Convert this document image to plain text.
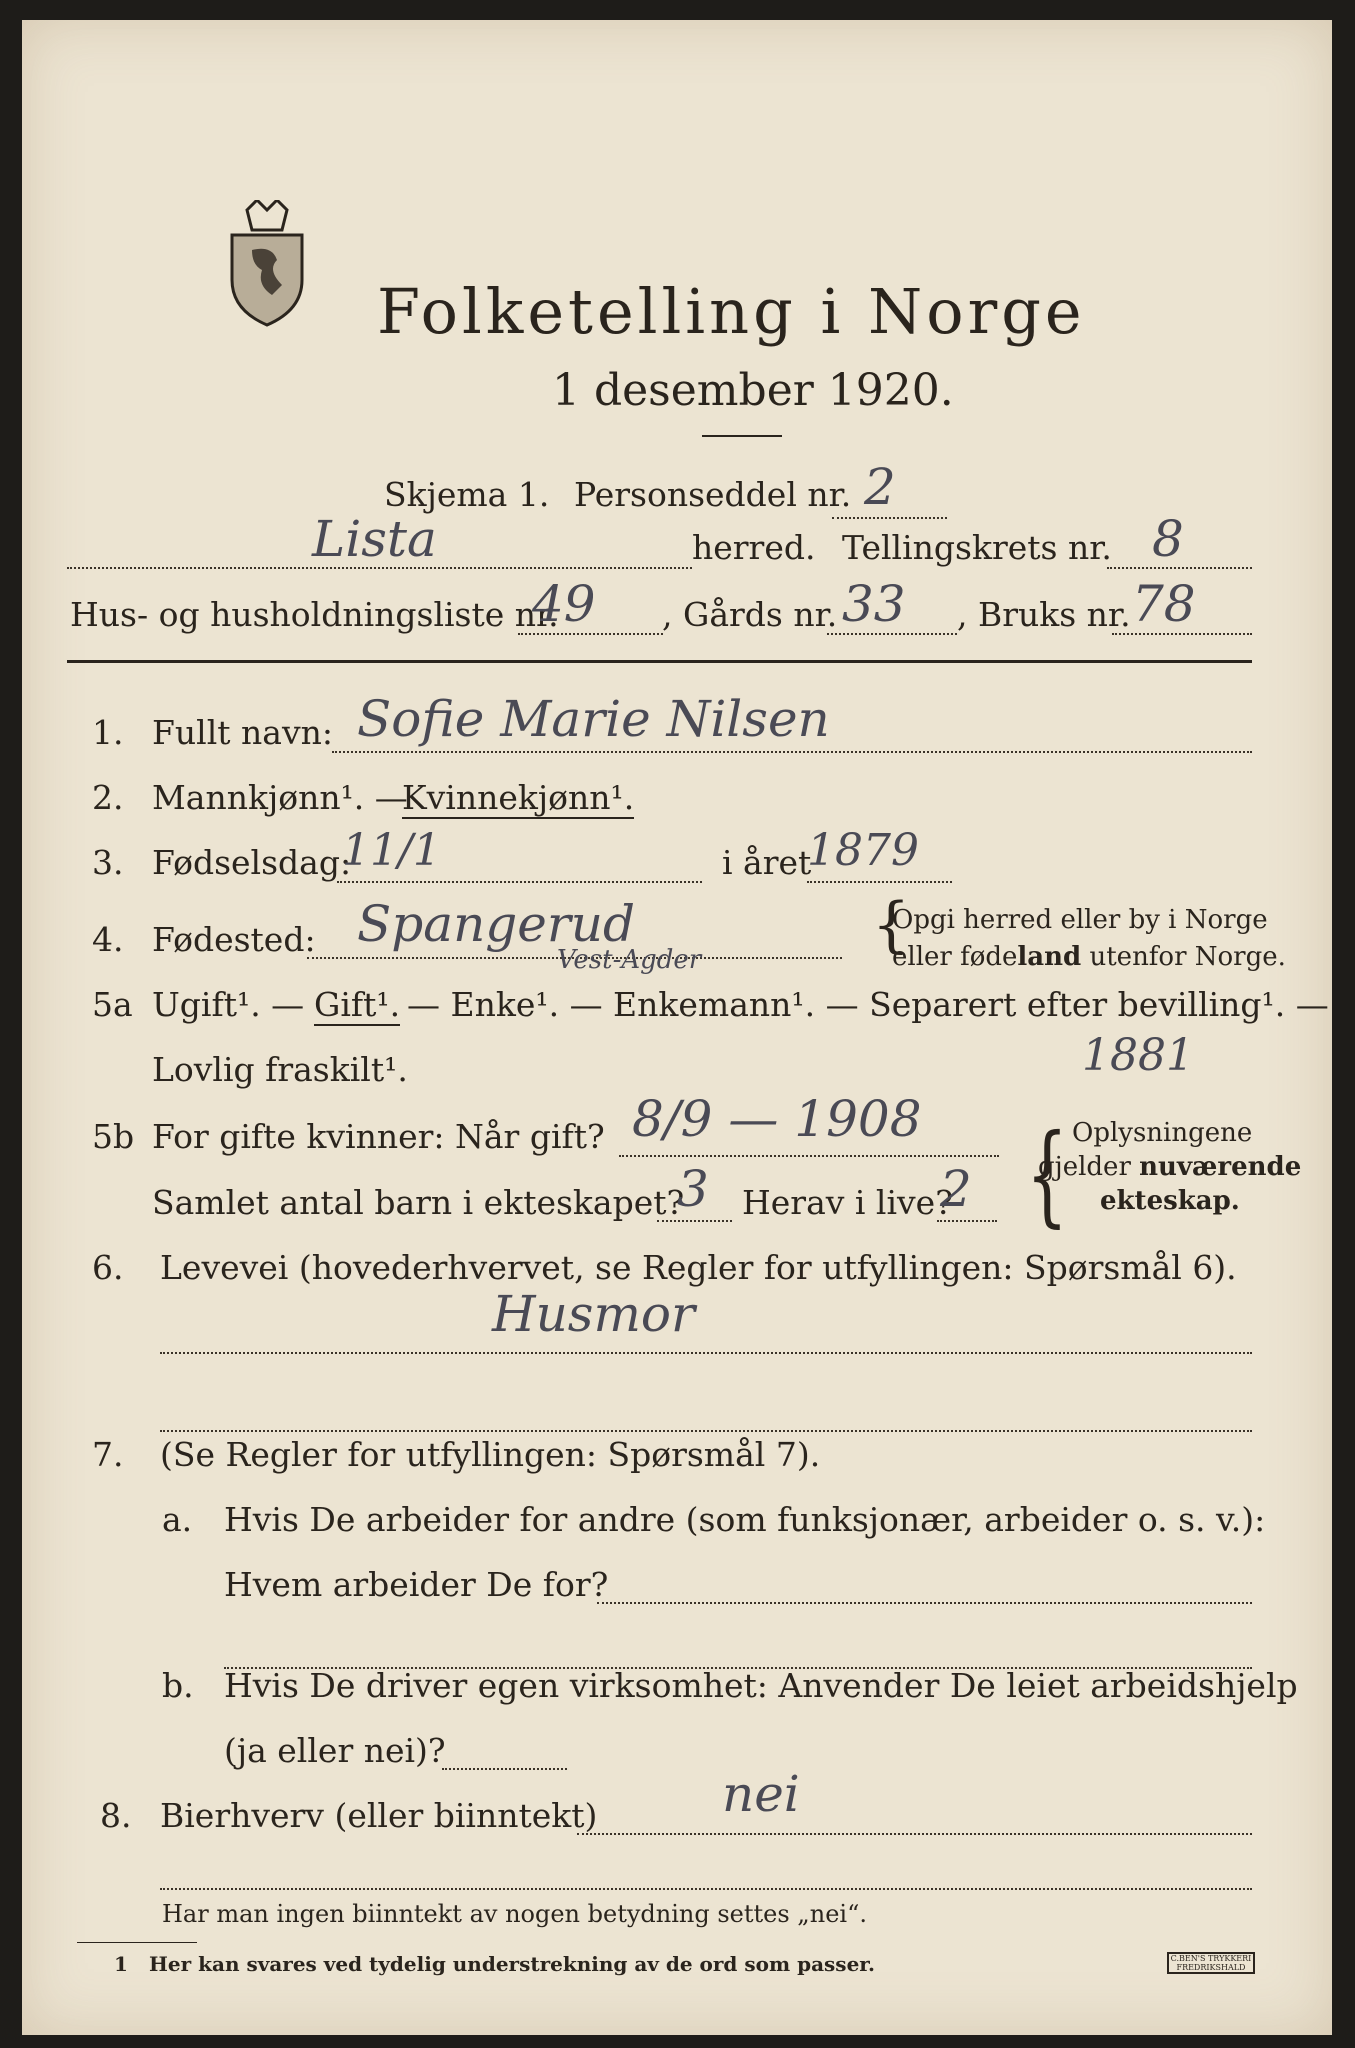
Folketelling i Norge
1 desember 1920.
Skjema 1. Personseddel nr. 2
Lista	herred. Tellingskrets nr. 8
Hus- og husholdningsliste nr.
49 , Gårds nr. 33 , Bruks nr. 78
1. Fullt navn: Sofie Marie Nilsen
2. Mannkjønn¹. —
Kvinnekjønn¹.
3. Fødselsdag:
11/1	i året
1879
4. Fødested: Spangerud
Vest-Agder	{
Opgi herred eller by i Norge
eller fødeland utenfor Norge.
5a Ugift¹. — Gift¹. — Enke¹. — Enkemann¹. — Separert efter bevilling¹. —
Lovlig fraskilt¹.	1881
5b For gifte kvinner: Når gift? 8/9 — 1908
Samlet antal barn i ekteskapet?
3 Herav i live?
2 { Oplysningene
gjelder nuværende
ekteskap.
6. Levevei (hovederhvervet, se Regler for utfyllingen: Spørsmål 6).
Husmor
7. (Se Regler for utfyllingen: Spørsmål 7).
a. Hvis De arbeider for andre (som funksjonær, arbeider o. s. v.):
Hvem arbeider De for?
b. Hvis De driver egen virksomhet: Anvender De leiet arbeidshjelp
(ja eller nei)?
8. Bierhverv (eller biinntekt) nei
Har man ingen biinntekt av nogen betydning settes „nei“.
1 Her kan svares ved tydelig understrekning av de ord som passer.	C.BEN'S TRYKKERI FREDRIKSHALD
